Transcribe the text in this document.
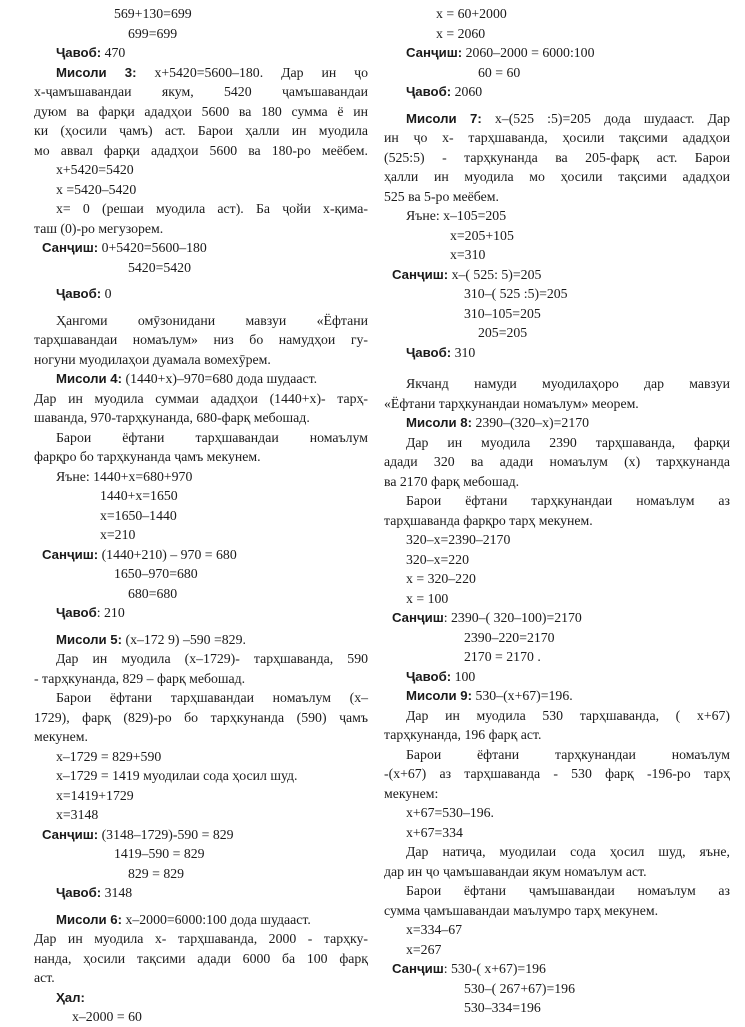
569+130=699
699=699
Ҷавоб: 470
Мисоли 3: x+5420=5600–180. Дар ин ҷо
x-ҷамъшавандаи якум, 5420 ҷамъшавандаи
дуюм ва фарқи ададҳои 5600 ва 180 сумма ё ин
ки (ҳосили ҷамъ) аст. Барои ҳалли ин муодила
мо аввал фарқи ададҳои 5600 ва 180-ро меёбем.
x+5420=5420
x =5420–5420
x= 0 (решаи муодила аст). Ба ҷойи x-қима-
таш (0)-ро мегузорем.
Санҷиш: 0+5420=5600–180
5420=5420
Ҷавоб: 0
Ҳангоми омӯзонидани мавзуи «Ёфтани
тарҳшавандаи номаълум» низ бо намудҳои гу-
ногуни муодилаҳои дуамала вомехӯрем.
Мисоли 4: (1440+x)–970=680 дода шудааст.
Дар ин муодила суммаи ададҳои (1440+x)- тарҳ-
шаванда, 970-тарҳкунанда, 680-фарқ мебошад.
Барои ёфтани тарҳшавандаи номаълум
фарқро бо тарҳкунанда ҷамъ мекунем.
Яъне: 1440+x=680+970
1440+x=1650
x=1650–1440
x=210
Санҷиш: (1440+210) – 970 = 680
1650–970=680
680=680
Ҷавоб: 210
Мисоли 5: (x–172 9) –590 =829.
Дар ин муодила (x–1729)- тарҳшаванда, 590
- тарҳкунанда, 829 – фарқ мебошад.
Барои ёфтани тарҳшавандаи номаълум (x–
1729), фарқ (829)-ро бо тарҳкунанда (590) ҷамъ
мекунем.
x–1729 = 829+590
x–1729 = 1419 муодилаи сода ҳосил шуд.
x=1419+1729
x=3148
Санҷиш: (3148–1729)-590 = 829
1419–590 = 829
829 = 829
Ҷавоб: 3148
Мисоли 6: x–2000=6000:100 дода шудааст.
Дар ин муодила x- тарҳшаванда, 2000 - тарҳку-
нанда, ҳосили тақсими адади 6000 ба 100 фарқ
аст.
Ҳал:
x–2000 = 60
x = 60+2000
x = 2060
Санҷиш: 2060–2000 = 6000:100
60 = 60
Ҷавоб: 2060
Мисоли 7: x–(525 :5)=205 дода шудааст. Дар
ин ҷо x- тарҳшаванда, ҳосили тақсими ададҳои
(525:5) - тарҳкунанда ва 205-фарқ аст. Барои
ҳалли ин муодила мо ҳосили тақсими ададҳои
525 ва 5-ро меёбем.
Яъне: x–105=205
x=205+105
x=310
Санҷиш: x–( 525: 5)=205
310–( 525 :5)=205
310–105=205
205=205
Ҷавоб: 310
Якчанд намуди муодилаҳоро дар мавзуи
«Ёфтани тарҳкунандаи номаълум» меорем.
Мисоли 8: 2390–(320–x)=2170
Дар ин муодила 2390 тарҳшаванда, фарқи
адади 320 ва адади номаълум (x) тарҳкунанда
ва 2170 фарқ мебошад.
Барои ёфтани тарҳкунандаи номаълум аз
тарҳшаванда фарқро тарҳ мекунем.
320–x=2390–2170
320–x=220
x = 320–220
x = 100
Санҷиш: 2390–( 320–100)=2170
2390–220=2170
2170 = 2170 .
Ҷавоб: 100
Мисоли 9: 530–(x+67)=196.
Дар ин муодила 530 тарҳшаванда, ( x+67)
тарҳкунанда, 196 фарқ аст.
Барои ёфтани тарҳкунандаи номаълум
-(x+67) аз тарҳшаванда - 530 фарқ -196-ро тарҳ
мекунем:
x+67=530–196.
x+67=334
Дар натиҷа, муодилаи сода ҳосил шуд, яъне,
дар ин ҷо ҷамъшавандаи якум номаълум аст.
Барои ёфтани ҷамъшавандаи номаълум аз
сумма ҷамъшавандаи маълумро тарҳ мекунем.
x=334–67
x=267
Санҷиш: 530-( x+67)=196
530–( 267+67)=196
530–334=196
